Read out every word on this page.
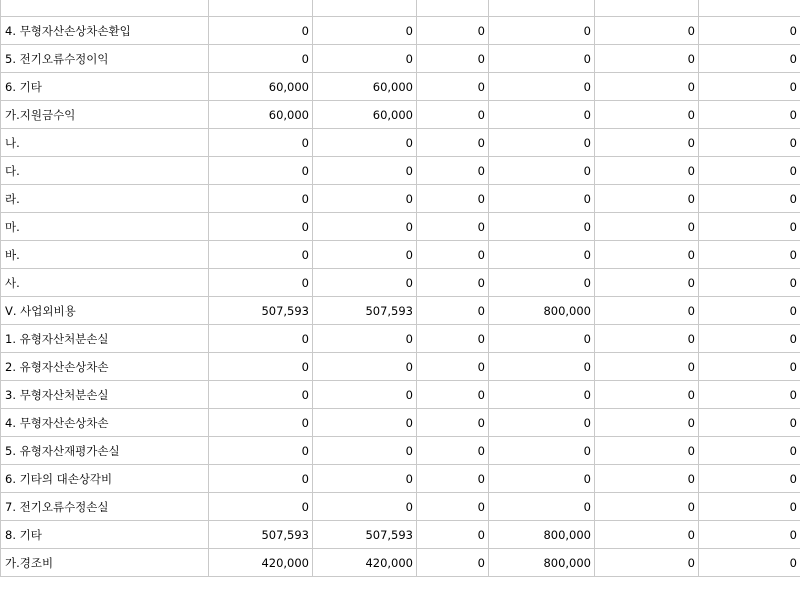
4. 무형자산손상차손환입	0	0	0	0	0	0
5. 전기오류수정이익	0	0	0	0	0	0
6. 기타	60,000	60,000	0	0	0	0
가.지원금수익	60,000	60,000	0	0	0	0
나.	0	0	0	0	0	0
다.	0	0	0	0	0	0
라.	0	0	0	0	0	0
마.	0	0	0	0	0	0
바.	0	0	0	0	0	0
사.	0	0	0	0	0	0
Ⅴ. 사업외비용	507,593	507,593	0	800,000	0	0
1. 유형자산처분손실	0	0	0	0	0	0
2. 유형자산손상차손	0	0	0	0	0	0
3. 무형자산처분손실	0	0	0	0	0	0
4. 무형자산손상차손	0	0	0	0	0	0
5. 유형자산재평가손실	0	0	0	0	0	0
6. 기타의 대손상각비	0	0	0	0	0	0
7. 전기오류수정손실	0	0	0	0	0	0
8. 기타	507,593	507,593	0	800,000	0	0
가.경조비	420,000	420,000	0	800,000	0	0
